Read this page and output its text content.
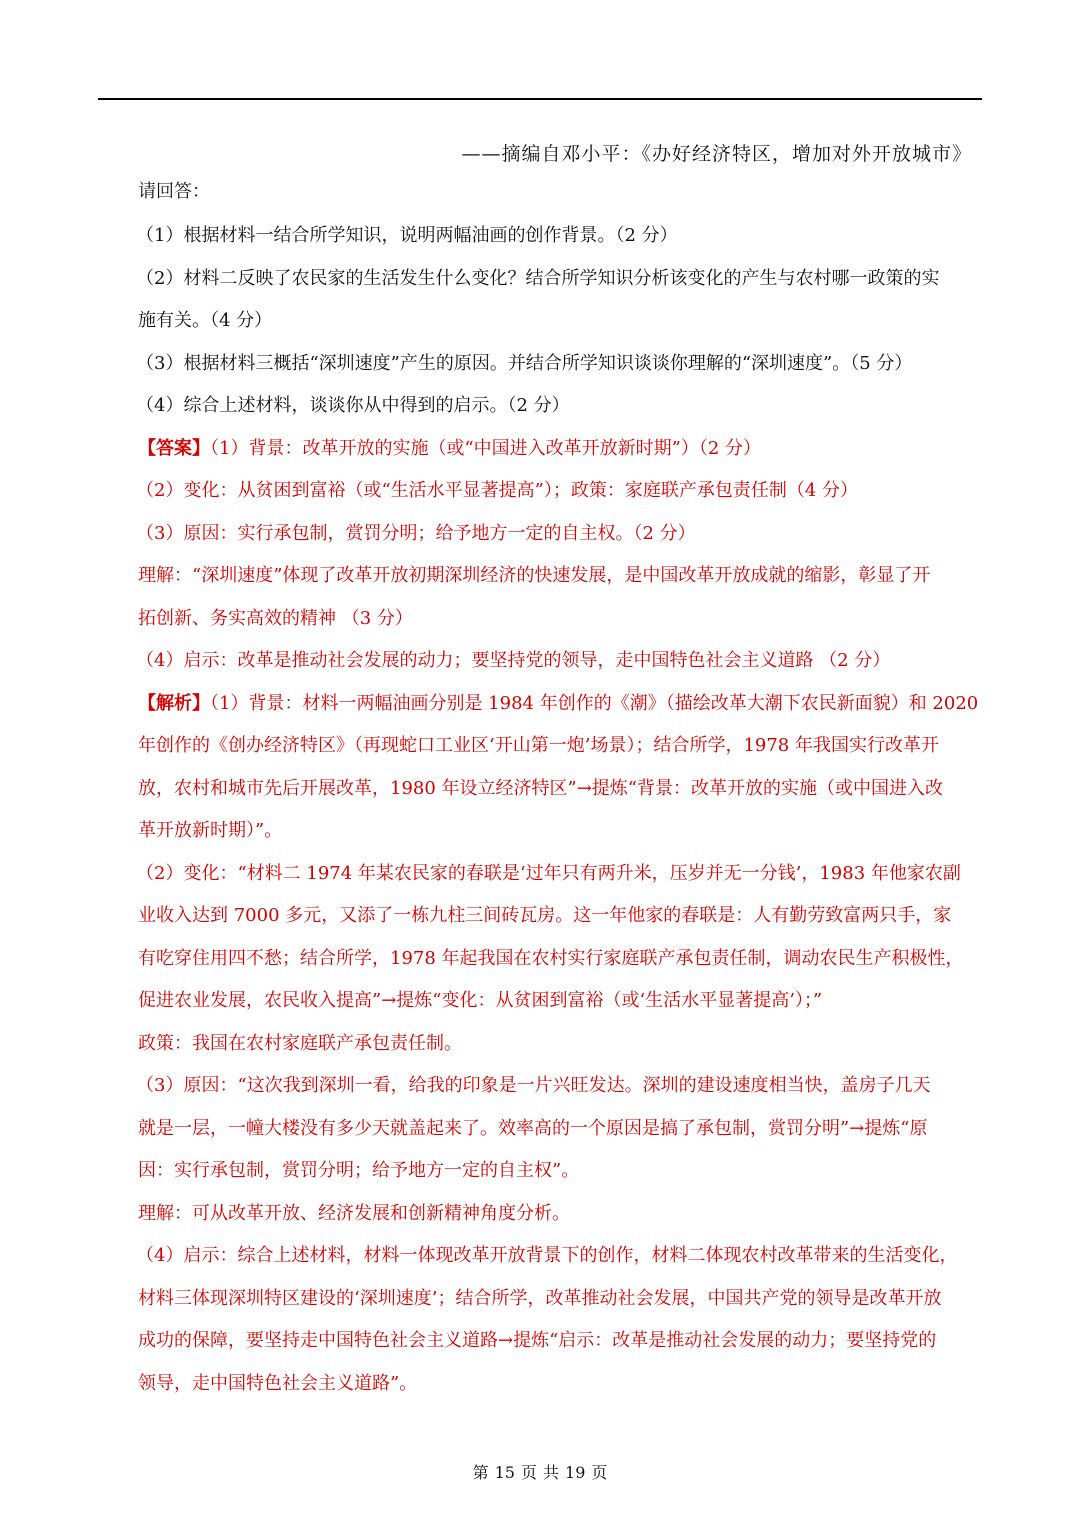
——摘编自邓小平：《办好经济特区，增加对外开放城市》
请回答：
（1）根据材料一结合所学知识，说明两幅油画的创作背景。（2 分）
（2）材料二反映了农民家的生活发生什么变化？结合所学知识分析该变化的产生与农村哪一政策的实
施有关。（4 分）
（3）根据材料三概括“深圳速度”产生的原因。并结合所学知识谈谈你理解的“深圳速度”。（5 分）
（4）综合上述材料，谈谈你从中得到的启示。（2 分）
【答案】（1）背景：改革开放的实施（或“中国进入改革开放新时期”）（2 分）
（2）变化：从贫困到富裕（或“生活水平显著提高”）；政策：家庭联产承包责任制（4 分）
（3）原因：实行承包制，赏罚分明；给予地方一定的自主权。（2 分）
理解：“深圳速度”体现了改革开放初期深圳经济的快速发展，是中国改革开放成就的缩影，彰显了开
拓创新、务实高效的精神 （3 分）
（4）启示：改革是推动社会发展的动力；要坚持党的领导，走中国特色社会主义道路 （2 分）
【解析】（1）背景：材料一两幅油画分别是 1984 年创作的《潮》（描绘改革大潮下农民新面貌）和 2020
年创作的《创办经济特区》（再现蛇口工业区‘开山第一炮’场景）；结合所学，1978 年我国实行改革开
放，农村和城市先后开展改革，1980 年设立经济特区”→提炼“背景：改革开放的实施（或中国进入改
革开放新时期）”。
（2）变化：“材料二 1974 年某农民家的春联是‘过年只有两升米，压岁并无一分钱’，1983 年他家农副
业收入达到 7000 多元，又添了一栋九柱三间砖瓦房。这一年他家的春联是：人有勤劳致富两只手，家
有吃穿住用四不愁；结合所学，1978 年起我国在农村实行家庭联产承包责任制，调动农民生产积极性，
促进农业发展，农民收入提高”→提炼“变化：从贫困到富裕（或‘生活水平显著提高’）；”
政策：我国在农村家庭联产承包责任制。
（3）原因：“这次我到深圳一看，给我的印象是一片兴旺发达。深圳的建设速度相当快，盖房子几天
就是一层，一幢大楼没有多少天就盖起来了。效率高的一个原因是搞了承包制，赏罚分明”→提炼“原
因：实行承包制，赏罚分明；给予地方一定的自主权”。
理解：可从改革开放、经济发展和创新精神角度分析。
（4）启示：综合上述材料，材料一体现改革开放背景下的创作，材料二体现农村改革带来的生活变化，
材料三体现深圳特区建设的‘深圳速度’；结合所学，改革推动社会发展，中国共产党的领导是改革开放
成功的保障，要坚持走中国特色社会主义道路→提炼“启示：改革是推动社会发展的动力；要坚持党的
领导，走中国特色社会主义道路”。
第 15 页 共 19 页
